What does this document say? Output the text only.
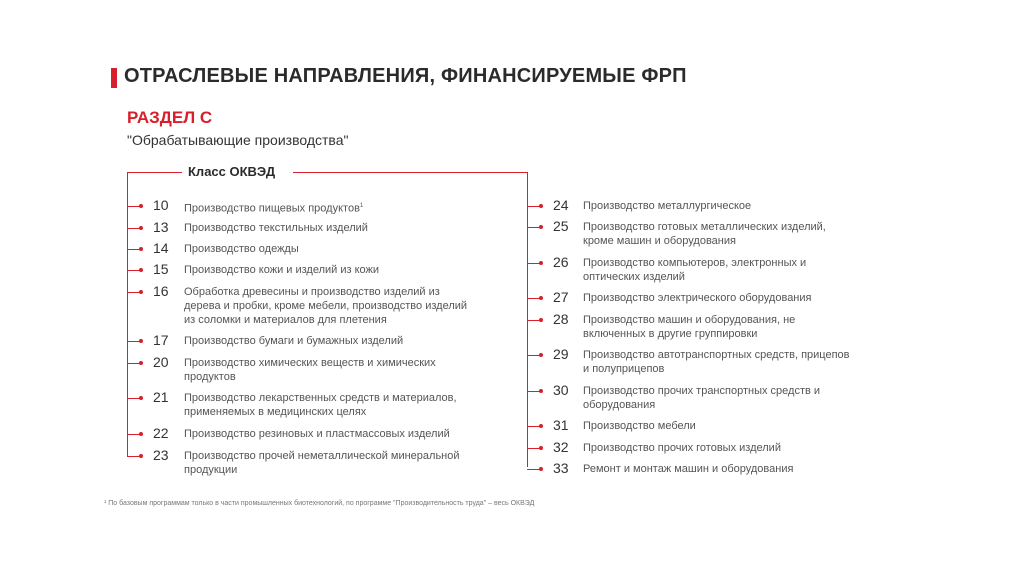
ОТРАСЛЕВЫЕ НАПРАВЛЕНИЯ, ФИНАНСИРУЕМЫЕ ФРП
РАЗДЕЛ С
"Обрабатывающие производства"
Класс ОКВЭД
10	Производство пищевых продуктов$^1$
13	Производство текстильных изделий
14	Производство одежды
15	Производство кожи и изделий из кожи
16	Обработка древесины и производство изделий из дерева и пробки, кроме мебели, производство изделий из соломки и материалов для плетения
17	Производство бумаги и бумажных изделий
20	Производство химических веществ и химических продуктов
21	Производство лекарственных средств и материалов, применяемых в медицинских целях
22	Производство резиновых и пластмассовых изделий
23	Производство прочей неметаллической минеральной продукции
24	Производство металлургическое
25	Производство готовых металлических изделий, кроме машин и оборудования
26	Производство компьютеров, электронных и оптических изделий
27	Производство электрического оборудования
28	Производство машин и оборудования, не включенных в другие группировки
29	Производство автотранспортных средств, прицепов и полуприцепов
30	Производство прочих транспортных средств и оборудования
31	Производство мебели
32	Производство прочих готовых изделий
33	Ремонт и монтаж машин и оборудования
¹ По базовым программам только в части промышленных биотехнологий, по программе "Производительность труда" – весь ОКВЭД
